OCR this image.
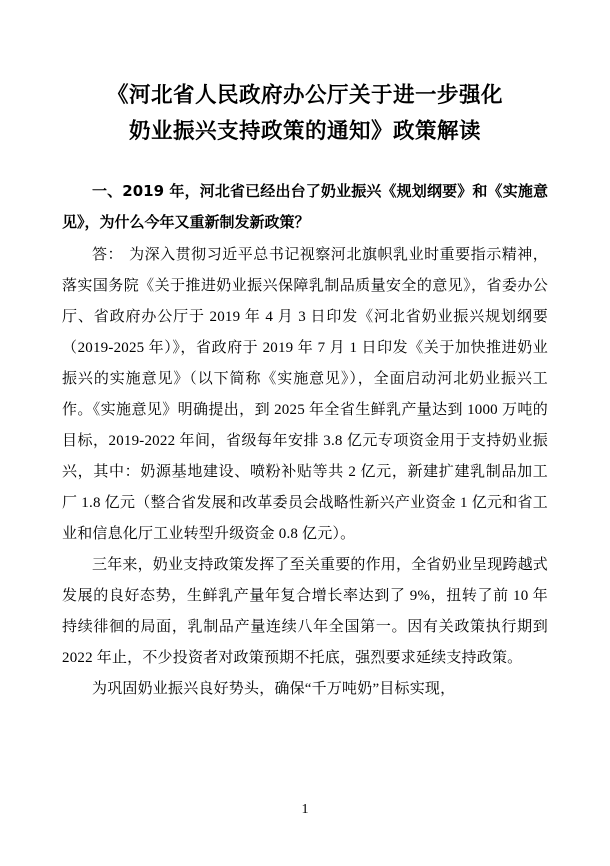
《河北省人民政府办公厅关于进一步强化
奶业振兴支持政策的通知》政策解读

一、2019 年，河北省已经出台了奶业振兴《规划纲要》和《实施意见》，为什么今年又重新制发新政策？

答： 为深入贯彻习近平总书记视察河北旗帜乳业时重要指示精神，落实国务院《关于推进奶业振兴保障乳制品质量安全的意见》，省委办公厅、省政府办公厅于 2019 年 4 月 3 日印发《河北省奶业振兴规划纲要（2019-2025 年）》，省政府于 2019 年 7 月 1 日印发《关于加快推进奶业振兴的实施意见》（以下简称《实施意见》），全面启动河北奶业振兴工作。《实施意见》明确提出，到 2025 年全省生鲜乳产量达到 1000 万吨的目标，2019-2022 年间，省级每年安排 3.8 亿元专项资金用于支持奶业振兴，其中：奶源基地建设、喷粉补贴等共 2 亿元，新建扩建乳制品加工厂 1.8 亿元（整合省发展和改革委员会战略性新兴产业资金 1 亿元和省工业和信息化厅工业转型升级资金 0.8 亿元）。

三年来，奶业支持政策发挥了至关重要的作用，全省奶业呈现跨越式发展的良好态势，生鲜乳产量年复合增长率达到了 9%，扭转了前 10 年持续徘徊的局面，乳制品产量连续八年全国第一。因有关政策执行期到 2022 年止，不少投资者对政策预期不托底，强烈要求延续支持政策。

为巩固奶业振兴良好势头，确保“千万吨奶”目标实现，

1
